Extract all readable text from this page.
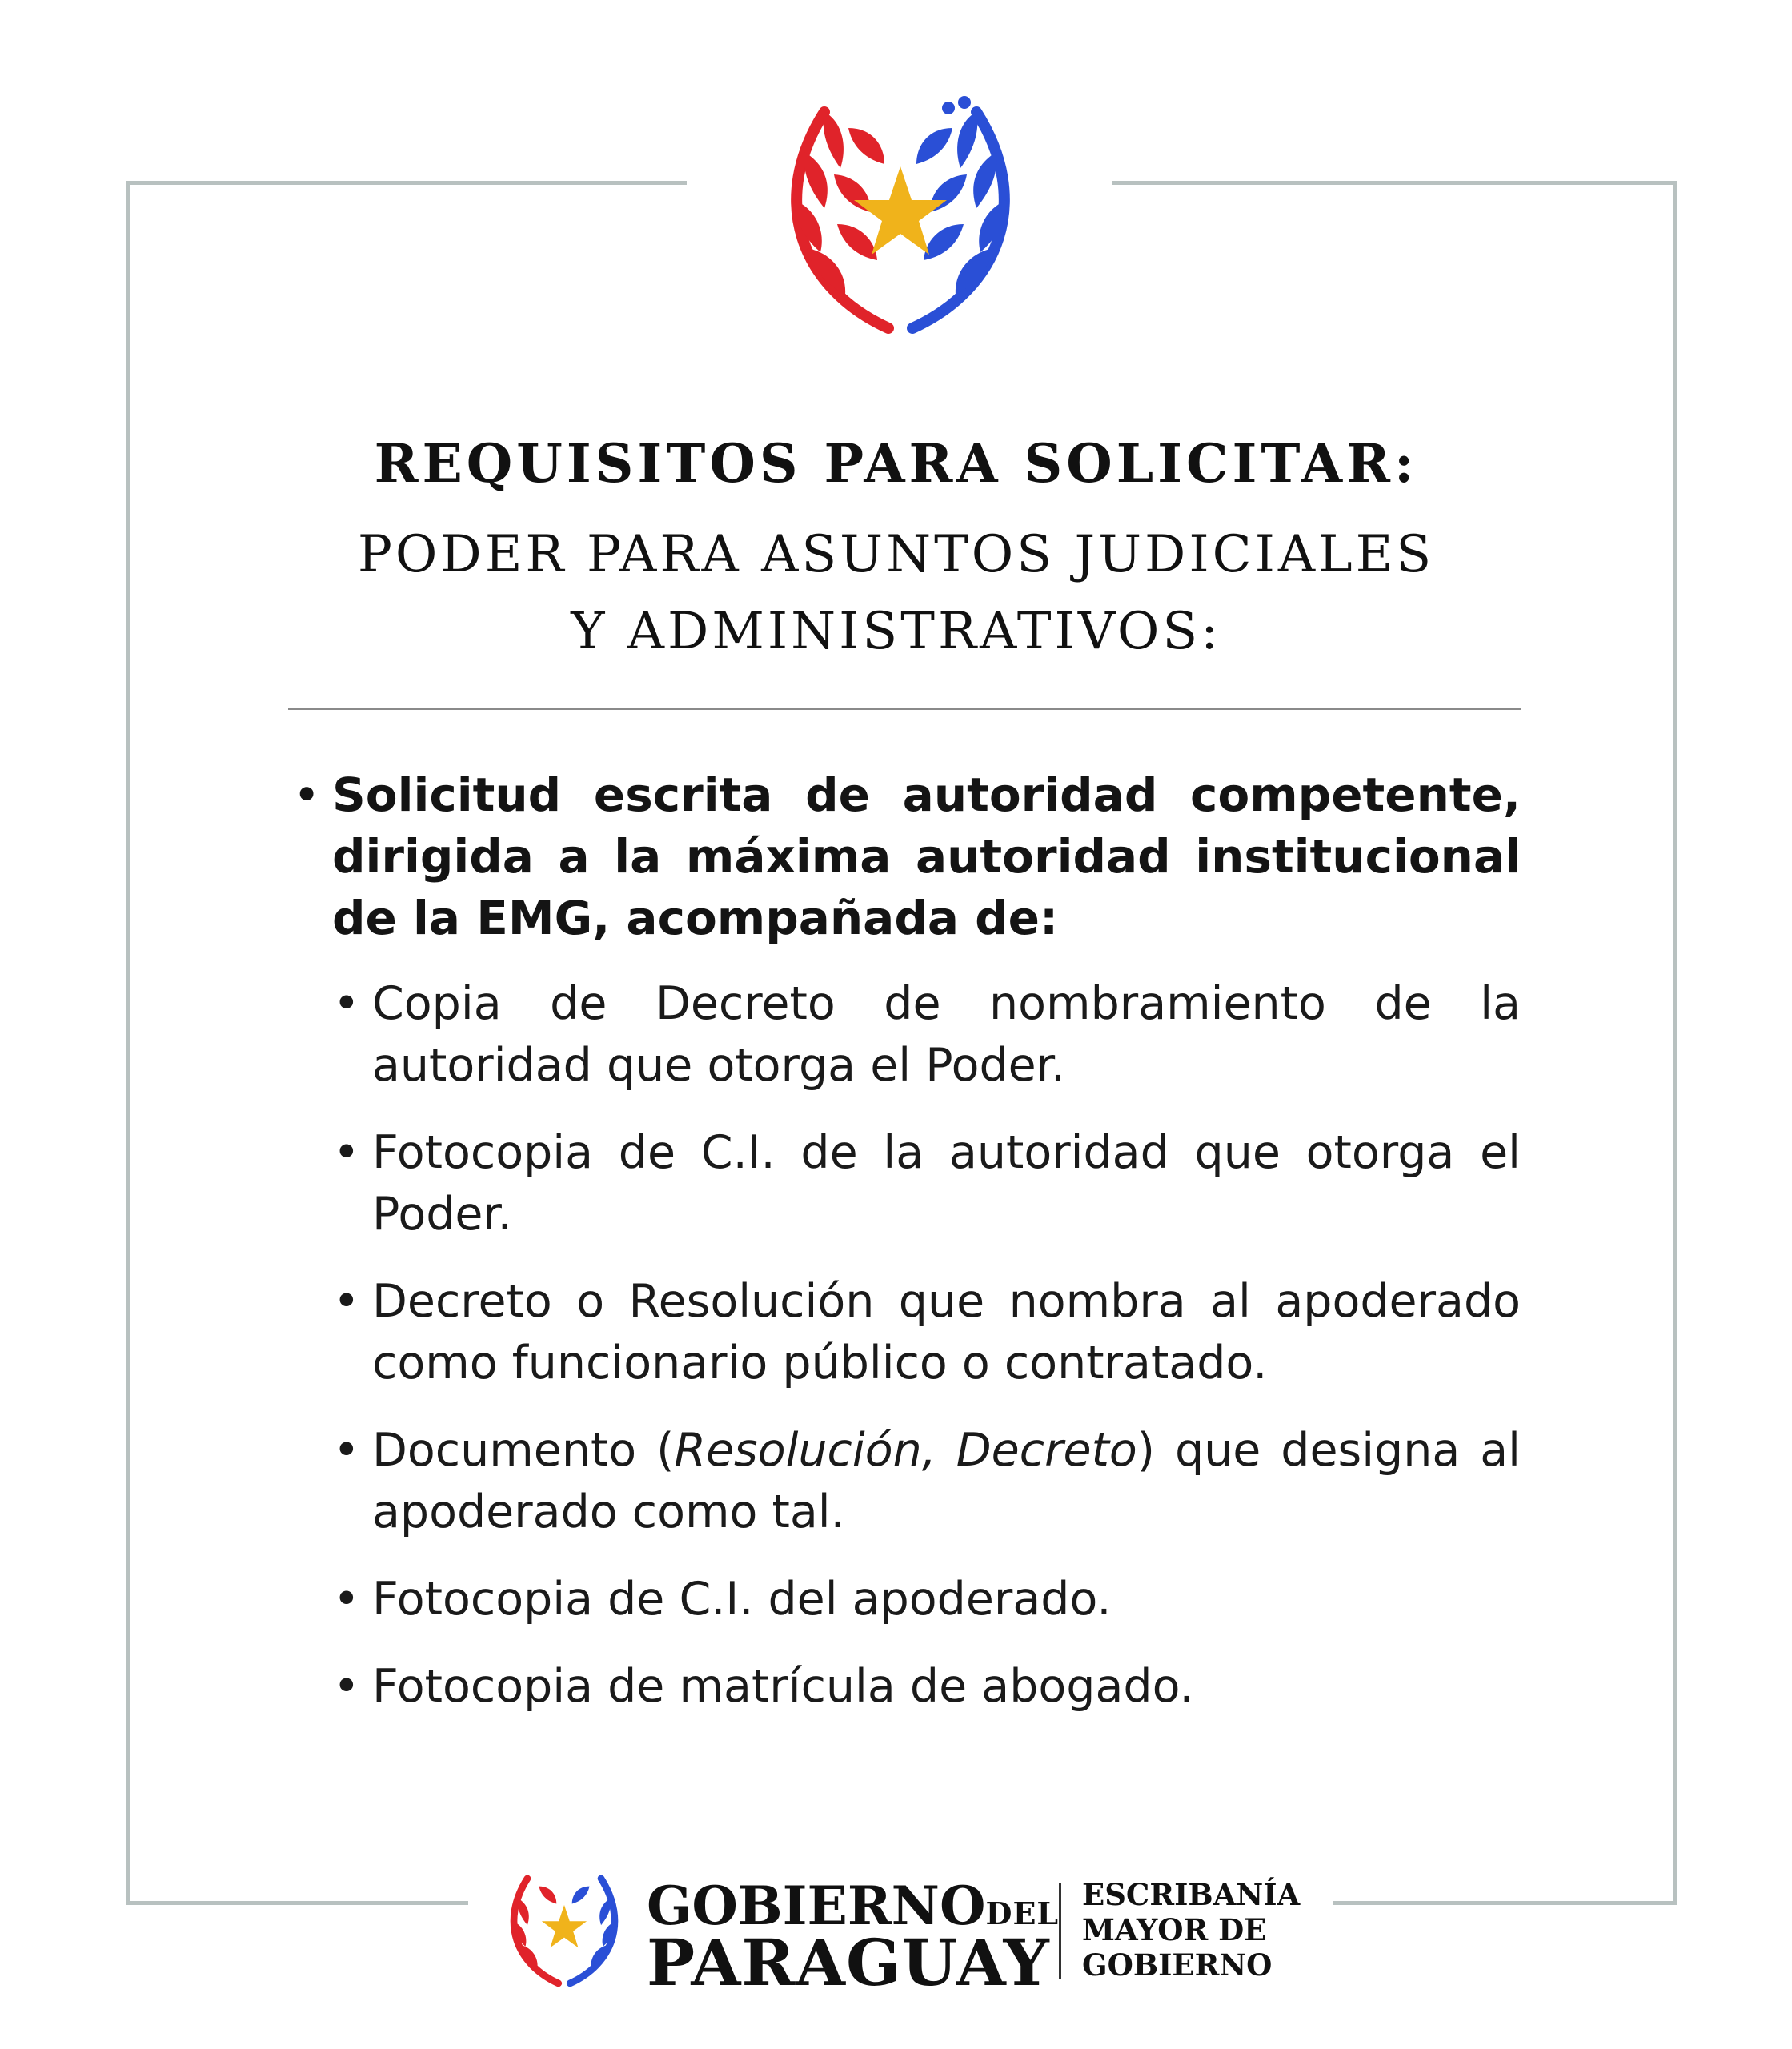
REQUISITOS PARA SOLICITAR:
PODER PARA ASUNTOS JUDICIALES
Y ADMINISTRATIVOS:
• Solicitud escrita de autoridad competente, dirigida a la máxima autoridad institucional de la EMG, acompañada de:
• Copia de Decreto de nombramiento de la autoridad que otorga el Poder.
• Fotocopia de C.I. de la autoridad que otorga el Poder.
• Decreto o Resolución que nombra al apoderado como funcionario público o contratado.
• Documento (Resolución, Decreto) que designa al apoderado como tal.
• Fotocopia de C.I. del apoderado.
• Fotocopia de matrícula de abogado.
GOBIERNODEL
PARAGUAY
ESCRIBANÍA
MAYOR DE
GOBIERNO
